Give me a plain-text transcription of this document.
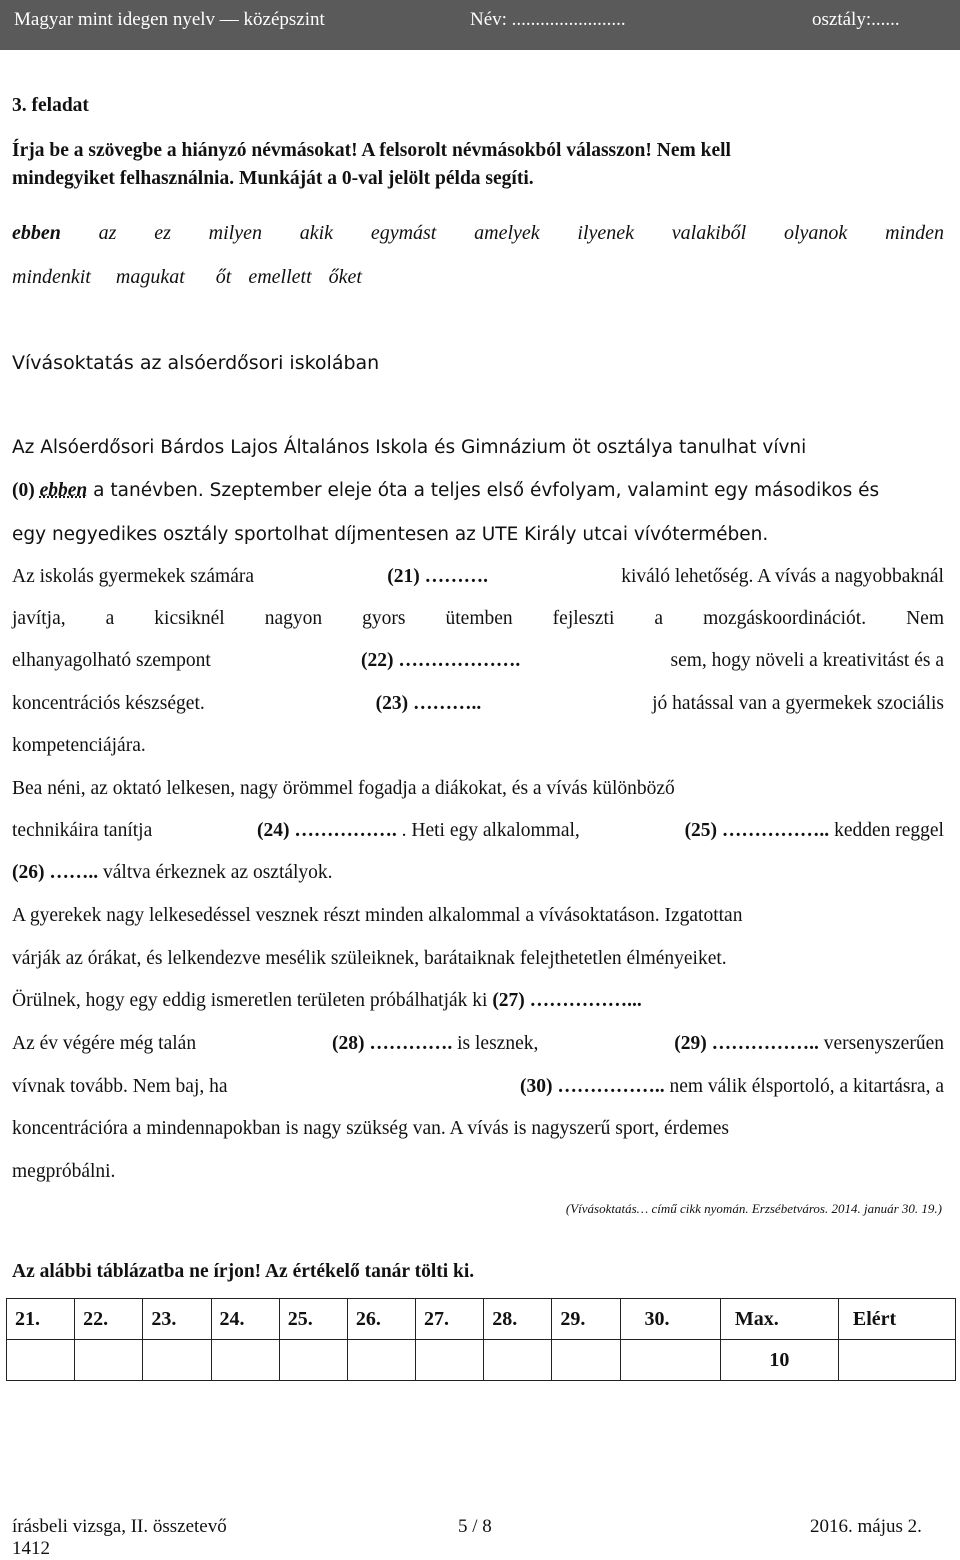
Magyar mint idegen nyelv — középszint	Név: ........................	osztály:......
3. feladat
Írja be a szövegbe a hiányzó névmásokat! A felsorolt névmásokból válasszon! Nem kell
mindegyiket felhasználnia. Munkáját a 0-val jelölt példa segíti.
ebben az ez milyen akik egymást amelyek ilyenek valakiből olyanok minden
mindenkit magukat őt emellett őket
Vívásoktatás az alsóerdősori iskolában
Az Alsóerdősori Bárdos Lajos Általános Iskola és Gimnázium öt osztálya tanulhat vívni
(0) ebben a tanévben. Szeptember eleje óta a teljes első évfolyam, valamint egy másodikos és
egy negyedikes osztály sportolhat díjmentesen az UTE Király utcai vívótermében.
Az iskolás gyermekek számára	(21) ……….	kiváló lehetőség. A vívás a nagyobbaknál
javítja, a kicsiknél nagyon gyors ütemben fejleszti a mozgáskoordinációt. Nem
elhanyagolható szempont	(22) ……………….	sem, hogy növeli a kreativitást és a
koncentrációs készséget.	(23) ………..	jó hatással van a gyermekek szociális
kompetenciájára.
Bea néni, az oktató lelkesen, nagy örömmel fogadja a diákokat, és a vívás különböző
technikáira tanítja	(24) ……………. . Heti egy alkalommal,	(25) …………….. kedden reggel
(26) …….. váltva érkeznek az osztályok.
A gyerekek nagy lelkesedéssel vesznek részt minden alkalommal a vívásoktatáson. Izgatottan
várják az órákat, és lelkendezve mesélik szüleiknek, barátaiknak felejthetetlen élményeiket.
Örülnek, hogy egy eddig ismeretlen területen próbálhatják ki (27) ……………...
Az év végére még talán	(28) …………. is lesznek,	(29) …………….. versenyszerűen
vívnak tovább. Nem baj, ha	(30) …………….. nem válik élsportoló, a kitartásra, a
koncentrációra a mindennapokban is nagy szükség van. A vívás is nagyszerű sport, érdemes
megpróbálni.
(Vívásoktatás… című cikk nyomán. Erzsébetváros. 2014. január 30. 19.)
Az alábbi táblázatba ne írjon! Az értékelő tanár tölti ki.
21.	22.	23.	24.	25.	26.	27.	28.	29.	30.	Max.	Elért
										10	
írásbeli vizsga, II. összetevő
1412
5 / 8	2016. május 2.
